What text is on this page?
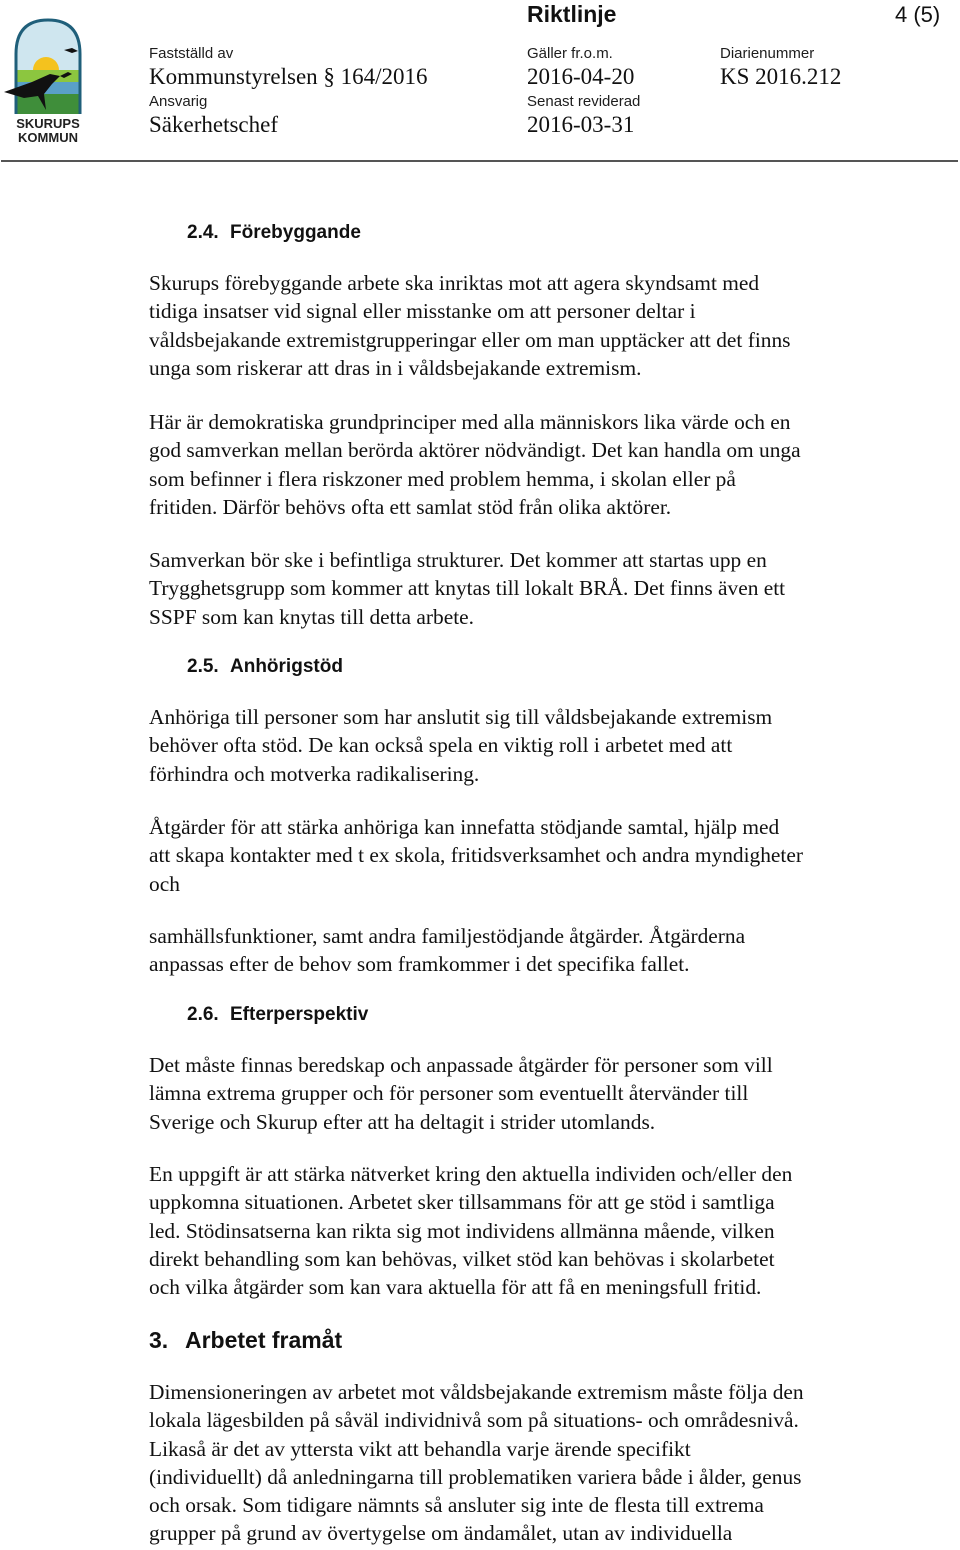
SKURUPS
KOMMUN
Riktlinje	4 (5)
Fastställd av
Kommunstyrelsen § 164/2016
Gäller fr.o.m.
2016-04-20
Diarienummer
KS 2016.212
Ansvarig
Säkerhetschef
Senast reviderad
2016-03-31
2.4. Förebyggande
Skurups förebyggande arbete ska inriktas mot att agera skyndsamt med
tidiga insatser vid signal eller misstanke om att personer deltar i
våldsbejakande extremistgrupperingar eller om man upptäcker att det finns
unga som riskerar att dras in i våldsbejakande extremism.
Här är demokratiska grundprinciper med alla människors lika värde och en
god samverkan mellan berörda aktörer nödvändigt. Det kan handla om unga
som befinner i flera riskzoner med problem hemma, i skolan eller på
fritiden. Därför behövs ofta ett samlat stöd från olika aktörer.
Samverkan bör ske i befintliga strukturer. Det kommer att startas upp en
Trygghetsgrupp som kommer att knytas till lokalt BRÅ. Det finns även ett
SSPF som kan knytas till detta arbete.
2.5. Anhörigstöd
Anhöriga till personer som har anslutit sig till våldsbejakande extremism
behöver ofta stöd. De kan också spela en viktig roll i arbetet med att
förhindra och motverka radikalisering.
Åtgärder för att stärka anhöriga kan innefatta stödjande samtal, hjälp med
att skapa kontakter med t ex skola, fritidsverksamhet och andra myndigheter
och
samhällsfunktioner, samt andra familjestödjande åtgärder. Åtgärderna
anpassas efter de behov som framkommer i det specifika fallet.
2.6. Efterperspektiv
Det måste finnas beredskap och anpassade åtgärder för personer som vill
lämna extrema grupper och för personer som eventuellt återvänder till
Sverige och Skurup efter att ha deltagit i strider utomlands.
En uppgift är att stärka nätverket kring den aktuella individen och/eller den
uppkomna situationen. Arbetet sker tillsammans för att ge stöd i samtliga
led. Stödinsatserna kan rikta sig mot individens allmänna mående, vilken
direkt behandling som kan behövas, vilket stöd kan behövas i skolarbetet
och vilka åtgärder som kan vara aktuella för att få en meningsfull fritid.
3. Arbetet framåt
Dimensioneringen av arbetet mot våldsbejakande extremism måste följa den
lokala lägesbilden på såväl individnivå som på situations- och områdesnivå.
Likaså är det av yttersta vikt att behandla varje ärende specifikt
(individuellt) då anledningarna till problematiken variera både i ålder, genus
och orsak. Som tidigare nämnts så ansluter sig inte de flesta till extrema
grupper på grund av övertygelse om ändamålet, utan av individuella
